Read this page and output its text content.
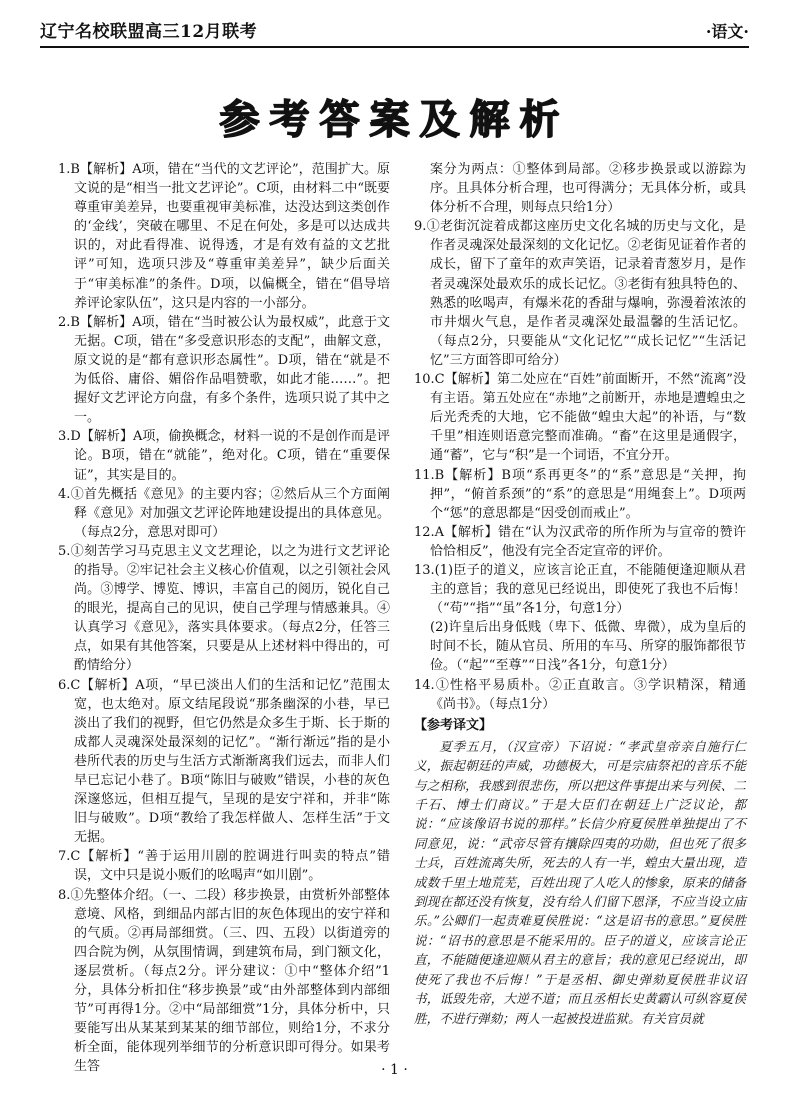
辽宁名校联盟高三12月联考	·语文·
参考答案及解析
1.B【解析】A项，错在“当代的文艺评论”，范围扩大。原文说的是“相当一批文艺评论”。C项，由材料二中“既要尊重审美差异，也要重视审美标准，达没达到这类创作的‘金线’，突破在哪里、不足在何处，多是可以达成共识的，对此看得准、说得透，才是有效有益的文艺批评”可知，选项只涉及“尊重审美差异”，缺少后面关于“审美标准”的条件。D项，以偏概全，错在“倡导培养评论家队伍”，这只是内容的一小部分。
2.B【解析】A项，错在“当时被公认为最权威”，此意于文无据。C项，错在“多受意识形态的支配”，曲解文意，原文说的是“都有意识形态属性”。D项，错在“就是不为低俗、庸俗、媚俗作品唱赞歌，如此才能……”。把握好文艺评论方向盘，有多个条件，选项只说了其中之一。
3.D【解析】A项，偷换概念，材料一说的不是创作而是评论。B项，错在“就能”，绝对化。C项，错在“重要保证”，其实是目的。
4.①首先概括《意见》的主要内容；②然后从三个方面阐释《意见》对加强文艺评论阵地建设提出的具体意见。（每点2分，意思对即可）
5.①刻苦学习马克思主义文艺理论，以之为进行文艺评论的指导。②牢记社会主义核心价值观，以之引领社会风尚。③博学、博览、博识，丰富自己的阅历，锐化自己的眼光，提高自己的见识，使自己学理与情感兼具。④认真学习《意见》，落实具体要求。（每点2分，任答三点，如果有其他答案，只要是从上述材料中得出的，可酌情给分）
6.C【解析】A项，“早已淡出人们的生活和记忆”范围太宽，也太绝对。原文结尾段说“那条幽深的小巷，早已淡出了我们的视野，但它仍然是众多生于斯、长于斯的成都人灵魂深处最深刻的记忆”。“渐行渐远”指的是小巷所代表的历史与生活方式渐渐离我们远去，而非人们早已忘记小巷了。B项“陈旧与破败”错误，小巷的灰色深邃悠远，但相互提气，呈现的是安宁祥和，并非“陈旧与破败”。D项“教给了我怎样做人、怎样生活”于文无据。
7.C【解析】“善于运用川剧的腔调进行叫卖的特点”错误，文中只是说小贩们的吆喝声“如川剧”。
8.①先整体介绍。（一、二段）移步换景，由赏析外部整体意境、风格，到细品内部古旧的灰色体现出的安宁祥和的气质。②再局部细赏。（三、四、五段）以街道旁的四合院为例，从氛围情调，到建筑布局，到门额文化，逐层赏析。（每点2分。评分建议：①中“整体介绍”1分，具体分析扣住“移步换景”或“由外部整体到内部细节”可再得1分。②中“局部细赏”1分，具体分析中，只要能写出从某某到某某的细节部位，则给1分，不求分析全面，能体现列举细节的分析意识即可得分。如果考生答
案分为两点：①整体到局部。②移步换景或以游踪为序。且具体分析合理，也可得满分；无具体分析，或具体分析不合理，则每点只给1分）
9.①老街沉淀着成都这座历史文化名城的历史与文化，是作者灵魂深处最深刻的文化记忆。②老街见证着作者的成长，留下了童年的欢声笑语，记录着青葱岁月，是作者灵魂深处最欢乐的成长记忆。③老街有独具特色的、熟悉的吆喝声，有爆米花的香甜与爆响，弥漫着浓浓的市井烟火气息，是作者灵魂深处最温馨的生活记忆。（每点2分，只要能从“文化记忆”“成长记忆”“生活记忆”三方面答即可给分）
10.C【解析】第二处应在“百姓”前面断开，不然“流离”没有主语。第五处应在“赤地”之前断开，赤地是遭蝗虫之后光秃秃的大地，它不能做“蝗虫大起”的补语，与“数千里”相连则语意完整而准确。“畜”在这里是通假字，通“蓄”，它与“积”是一个词语，不宜分开。
11.B【解析】B项“系再更冬”的“系”意思是“关押，拘押”，“俯首系颈”的“系”的意思是“用绳套上”。D项两个“惩”的意思都是“因受创而戒止”。
12.A【解析】错在“认为汉武帝的所作所为与宣帝的赞许恰恰相反”，他没有完全否定宣帝的评价。
13.(1)臣子的道义，应该言论正直，不能随便逢迎顺从君主的意旨；我的意见已经说出，即使死了我也不后悔！（“苟”“指”“虽”各1分，句意1分）
(2)许皇后出身低贱（卑下、低微、卑微），成为皇后的时间不长，随从官员、所用的车马、所穿的服饰都很节俭。（“起”“至尊”“日浅”各1分，句意1分）
14.①性格平易质朴。②正直敢言。③学识精深，精通《尚书》。（每点1分）
【参考译文】
夏季五月，（汉宣帝）下诏说：“孝武皇帝亲自施行仁义，振起朝廷的声威，功德极大，可是宗庙祭祀的音乐不能与之相称，我感到很悲伤，所以把这件事提出来与列侯、二千石、博士们商议。”于是大臣们在朝廷上广泛议论，都说：“应该像诏书说的那样。”长信少府夏侯胜单独提出了不同意见，说：“武帝尽管有攘除四夷的功勋，但也死了很多士兵，百姓流离失所，死去的人有一半，蝗虫大量出现，造成数千里土地荒芜，百姓出现了人吃人的惨象，原来的储备到现在都还没有恢复，没有给人们留下恩泽，不应当设立庙乐。”公卿们一起责难夏侯胜说：“这是诏书的意思。”夏侯胜说：“诏书的意思是不能采用的。臣子的道义，应该言论正直，不能随便逢迎顺从君主的意旨；我的意见已经说出，即使死了我也不后悔！”于是丞相、御史弹劾夏侯胜非议诏书，诋毁先帝，大逆不道；而且丞相长史黄霸认可纵容夏侯胜，不进行弹劾；两人一起被投进监狱。有关官员就
· 1 ·
